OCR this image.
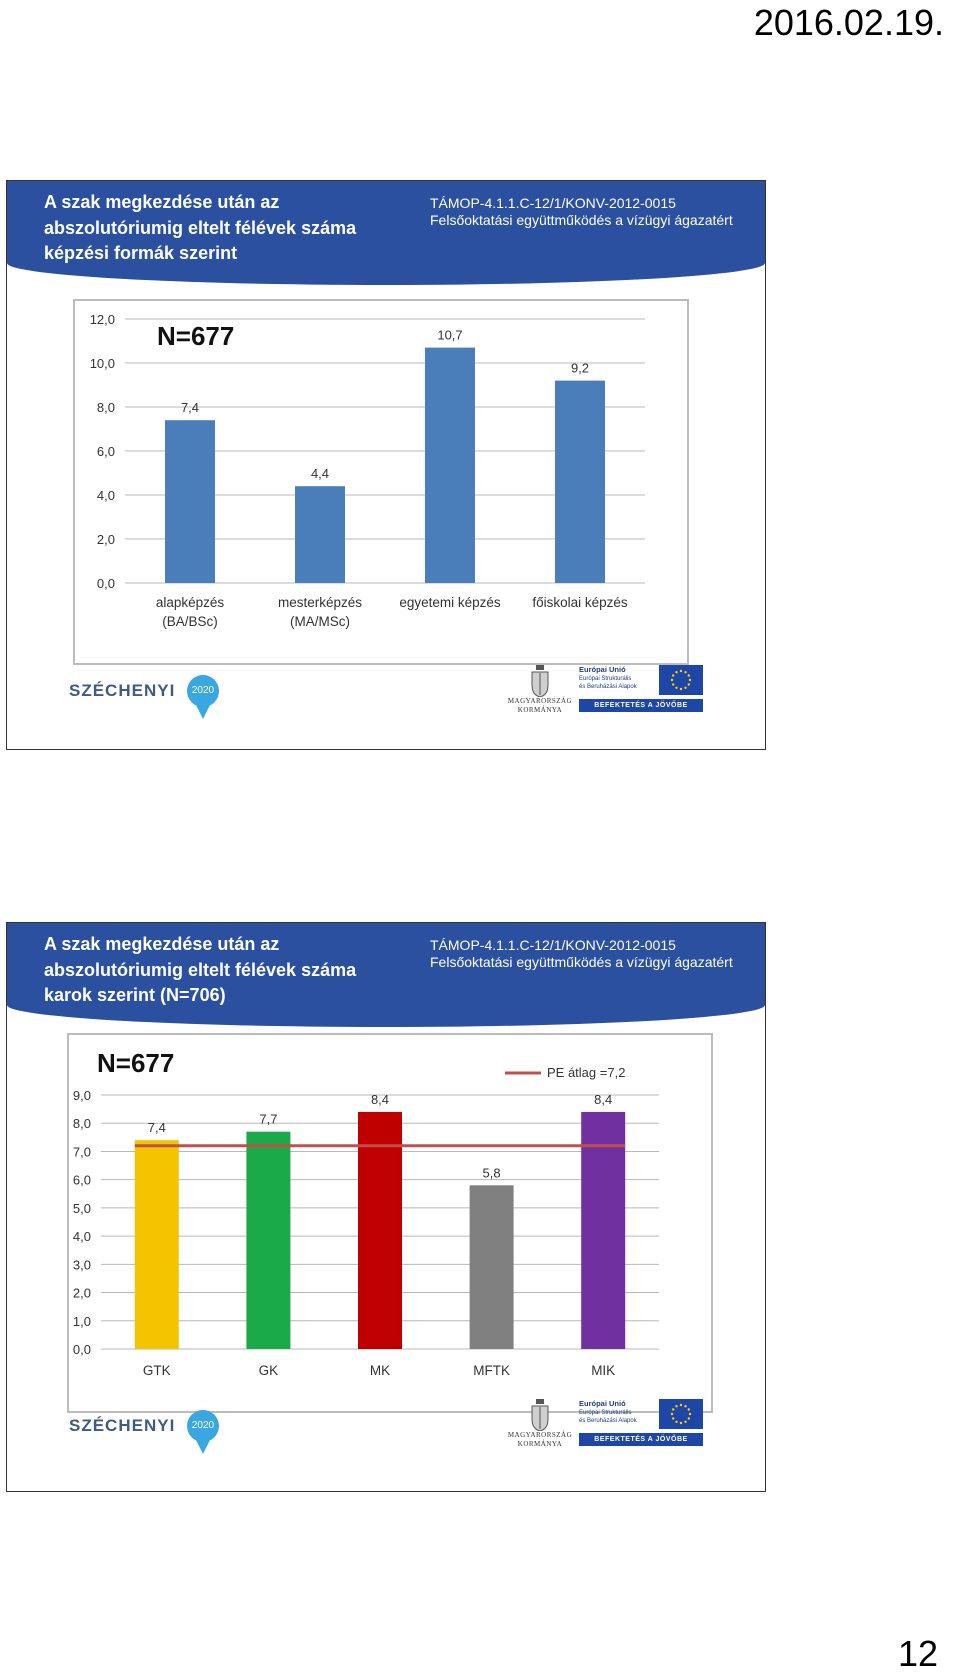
2016.02.19.
A szak megkezdése után az abszolutóriumig eltelt félévek száma képzési formák szerint
TÁMOP-4.1.1.C-12/1/KONV-2012-0015
Felsőoktatási együttműködés a vízügyi ágazatért
0,0
2,0
4,0
6,0
8,0
10,0
12,0
N=677
7,4
alapképzés
(BA/BSc)
4,4
mesterképzés
(MA/MSc)
10,7
egyetemi képzés
9,2
főiskolai képzés
SZÉCHENYI	2020
MAGYARORSZÁG
KORMÁNYA
Európai Unió
Európai Strukturális
és Beruházási Alapok
BEFEKTETÉS A JÖVŐBE
A szak megkezdése után az abszolutóriumig eltelt félévek száma karok szerint (N=706)
TÁMOP-4.1.1.C-12/1/KONV-2012-0015
Felsőoktatási együttműködés a vízügyi ágazatért
0,0
1,0
2,0
3,0
4,0
5,0
6,0
7,0
8,0
9,0
N=677
7,4
GTK
7,7
GK
8,4
MK
5,8
MFTK
8,4
MIK
PE átlag =7,2
SZÉCHENYI	2020
MAGYARORSZÁG
KORMÁNYA
Európai Unió
Európai Strukturális
és Beruházási Alapok
BEFEKTETÉS A JÖVŐBE
12
